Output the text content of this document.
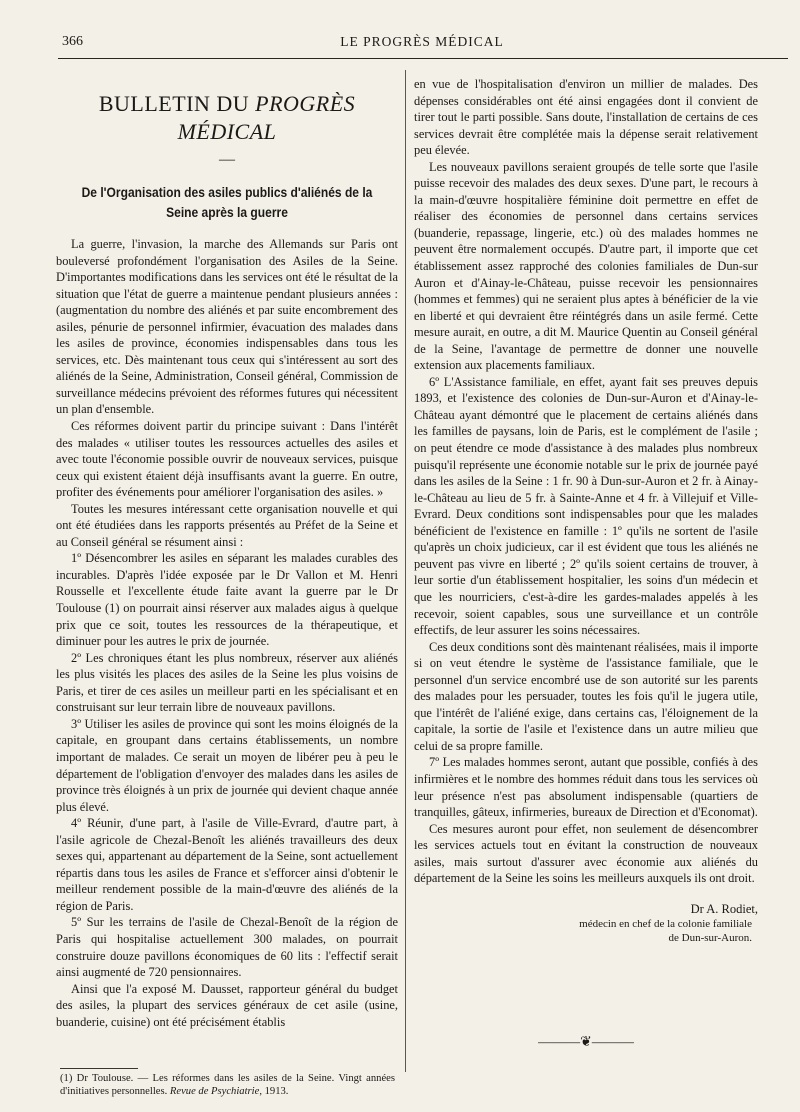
366	LE PROGRÈS MÉDICAL
BULLETIN DU PROGRÈS MÉDICAL
—
De l'Organisation des asiles publics d'aliénés de la Seine après la guerre

La guerre, l'invasion, la marche des Allemands sur Paris ont bouleversé profondément l'organisation des Asiles de la Seine. D'importantes modifications dans les services ont été le résultat de la situation que l'état de guerre a maintenue pendant plusieurs années : (augmentation du nombre des aliénés et par suite encombrement des asiles, pénurie de personnel infirmier, évacuation des malades dans les asiles de province, économies indispensables dans tous les services, etc. Dès maintenant tous ceux qui s'intéressent au sort des aliénés de la Seine, Administration, Conseil général, Commission de surveillance médecins prévoient des réformes futures qui nécessitent un plan d'ensemble.

Ces réformes doivent partir du principe suivant : Dans l'intérêt des malades « utiliser toutes les ressources actuelles des asiles et avec toute l'économie possible ouvrir de nouveaux services, puisque ceux qui existent étaient déjà insuffisants avant la guerre. En outre, profiter des événements pour améliorer l'organisation des asiles. »

Toutes les mesures intéressant cette organisation nouvelle et qui ont été étudiées dans les rapports présentés au Préfet de la Seine et au Conseil général se résument ainsi :

1º Désencombrer les asiles en séparant les malades curables des incurables. D'après l'idée exposée par le Dr Vallon et M. Henri Rousselle et l'excellente étude faite avant la guerre par le Dr Toulouse (1) on pourrait ainsi réserver aux malades aigus à quelque prix que ce soit, toutes les ressources de la thérapeutique, et diminuer pour les autres le prix de journée.

2º Les chroniques étant les plus nombreux, réserver aux aliénés les plus visités les places des asiles de la Seine les plus voisins de Paris, et tirer de ces asiles un meilleur parti en les spécialisant et en construisant sur leur terrain libre de nouveaux pavillons.

3º Utiliser les asiles de province qui sont les moins éloignés de la capitale, en groupant dans certains établissements, un nombre important de malades. Ce serait un moyen de libérer peu à peu le département de l'obligation d'envoyer des malades dans les asiles de province très éloignés à un prix de journée qui devient chaque année plus élevé.

4º Réunir, d'une part, à l'asile de Ville-Evrard, d'autre part, à l'asile agricole de Chezal-Benoît les aliénés travailleurs des deux sexes qui, appartenant au département de la Seine, sont actuellement répartis dans tous les asiles de France et s'efforcer ainsi d'obtenir le meilleur rendement possible de la main-d'œuvre des aliénés de la région de Paris.

5º Sur les terrains de l'asile de Chezal-Benoît de la région de Paris qui hospitalise actuellement 300 malades, on pourrait construire douze pavillons économiques de 60 lits : l'effectif serait ainsi augmenté de 720 pensionnaires.

Ainsi que l'a exposé M. Dausset, rapporteur général du budget des asiles, la plupart des services généraux de cet asile (usine, buanderie, cuisine) ont été précisément établis

en vue de l'hospitalisation d'environ un millier de malades. Des dépenses considérables ont été ainsi engagées dont il convient de tirer tout le parti possible. Sans doute, l'installation de certains de ces services devrait être complétée mais la dépense serait relativement peu élevée.

Les nouveaux pavillons seraient groupés de telle sorte que l'asile puisse recevoir des malades des deux sexes. D'une part, le recours à la main-d'œuvre hospitalière féminine doit permettre en effet de réaliser des économies de personnel dans certains services (buanderie, repassage, lingerie, etc.) où des malades hommes ne peuvent être normalement occupés. D'autre part, il importe que cet établissement assez rapproché des colonies familiales de Dun-sur Auron et d'Ainay-le-Château, puisse recevoir les pensionnaires (hommes et femmes) qui ne seraient plus aptes à bénéficier de la vie en liberté et qui devraient être réintégrés dans un asile fermé. Cette mesure aurait, en outre, a dit M. Maurice Quentin au Conseil général de la Seine, l'avantage de permettre de donner une nouvelle extension aux placements familiaux.

6º L'Assistance familiale, en effet, ayant fait ses preuves depuis 1893, et l'existence des colonies de Dun-sur-Auron et d'Ainay-le-Château ayant démontré que le placement de certains aliénés dans les familles de paysans, loin de Paris, est le complément de l'asile ; on peut étendre ce mode d'assistance à des malades plus nombreux puisqu'il représente une économie notable sur le prix de journée payé dans les asiles de la Seine : 1 fr. 90 à Dun-sur-Auron et 2 fr. à Ainay-le-Château au lieu de 5 fr. à Sainte-Anne et 4 fr. à Villejuif et Ville-Evrard. Deux conditions sont indispensables pour que les malades bénéficient de l'existence en famille : 1º qu'ils ne sortent de l'asile qu'après un choix judicieux, car il est évident que tous les aliénés ne peuvent pas vivre en liberté ; 2º qu'ils soient certains de trouver, à leur sortie d'un établissement hospitalier, les soins d'un médecin et que les nourriciers, c'est-à-dire les gardes-malades appelés à les recevoir, soient capables, sous une surveillance et un contrôle effectifs, de leur assurer les soins nécessaires.

Ces deux conditions sont dès maintenant réalisées, mais il importe si on veut étendre le système de l'assistance familiale, que le personnel d'un service encombré use de son autorité sur les parents des malades pour les persuader, toutes les fois qu'il le jugera utile, que l'intérêt de l'aliéné exige, dans certains cas, l'éloignement de la capitale, la sortie de l'asile et l'existence dans un autre milieu que celui de sa propre famille.

7º Les malades hommes seront, autant que possible, confiés à des infirmières et le nombre des hommes réduit dans tous les services où leur présence n'est pas absolument indispensable (quartiers de tranquilles, gâteux, infirmeries, bureaux de Direction et d'Economat).

Ces mesures auront pour effet, non seulement de désencombrer les services actuels tout en évitant la construction de nouveaux asiles, mais surtout d'assurer avec économie aux aliénés du département de la Seine les soins les meilleurs auxquels ils ont droit.

Dr A. Rodiet,
médecin en chef de la colonie familiale
de Dun-sur-Auron.
———❦———
(1) Dr Toulouse. — Les réformes dans les asiles de la Seine. Vingt années d'initiatives personnelles. Revue de Psychiatrie, 1913.
